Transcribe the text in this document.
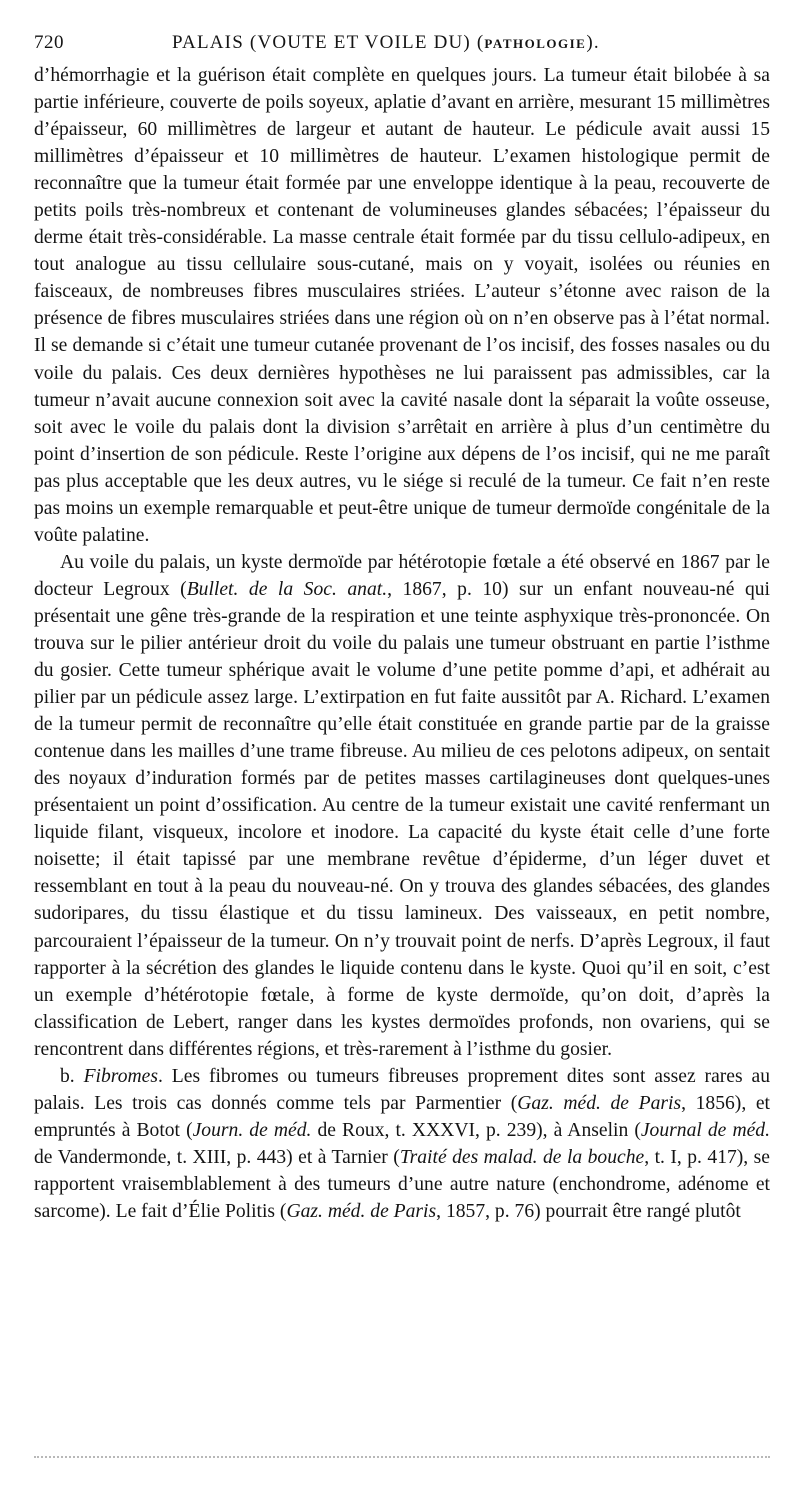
720	PALAIS (VOUTE ET VOILE DU) (PATHOLOGIE).

d’hémorrhagie et la guérison était complète en quelques jours. La tumeur était bilobée à sa partie inférieure, couverte de poils soyeux, aplatie d’avant en arrière, mesurant 15 millimètres d’épaisseur, 60 millimètres de largeur et autant de hauteur. Le pédicule avait aussi 15 millimètres d’épaisseur et 10 millimètres de hauteur. L’examen histologique permit de reconnaître que la tumeur était formée par une enveloppe identique à la peau, recouverte de petits poils très-nombreux et contenant de volumineuses glandes sébacées; l’épaisseur du derme était très-considérable. La masse centrale était formée par du tissu cellulo-adipeux, en tout analogue au tissu cellulaire sous-cutané, mais on y voyait, isolées ou réunies en faisceaux, de nombreuses fibres musculaires striées. L’auteur s’étonne avec raison de la présence de fibres musculaires striées dans une région où on n’en observe pas à l’état normal. Il se demande si c’était une tumeur cutanée provenant de l’os incisif, des fosses nasales ou du voile du palais. Ces deux dernières hypothèses ne lui paraissent pas admissibles, car la tumeur n’avait aucune connexion soit avec la cavité nasale dont la séparait la voûte osseuse, soit avec le voile du palais dont la division s’arrêtait en arrière à plus d’un centimètre du point d’insertion de son pédicule. Reste l’origine aux dépens de l’os incisif, qui ne me paraît pas plus acceptable que les deux autres, vu le siége si reculé de la tumeur. Ce fait n’en reste pas moins un exemple remarquable et peut-être unique de tumeur dermoïde congénitale de la voûte palatine.

Au voile du palais, un kyste dermoïde par hétérotopie fœtale a été observé en 1867 par le docteur Legroux (Bullet. de la Soc. anat., 1867, p. 10) sur un enfant nouveau-né qui présentait une gêne très-grande de la respiration et une teinte asphyxique très-prononcée. On trouva sur le pilier antérieur droit du voile du palais une tumeur obstruant en partie l’isthme du gosier. Cette tumeur sphérique avait le volume d’une petite pomme d’api, et adhérait au pilier par un pédicule assez large. L’extirpation en fut faite aussitôt par A. Richard. L’examen de la tumeur permit de reconnaître qu’elle était constituée en grande partie par de la graisse contenue dans les mailles d’une trame fibreuse. Au milieu de ces pelotons adipeux, on sentait des noyaux d’induration formés par de petites masses cartilagineuses dont quelques-unes présentaient un point d’ossification. Au centre de la tumeur existait une cavité renfermant un liquide filant, visqueux, incolore et inodore. La capacité du kyste était celle d’une forte noisette; il était tapissé par une membrane revêtue d’épiderme, d’un léger duvet et ressemblant en tout à la peau du nouveau-né. On y trouva des glandes sébacées, des glandes sudoripares, du tissu élastique et du tissu lamineux. Des vaisseaux, en petit nombre, parcouraient l’épaisseur de la tumeur. On n’y trouvait point de nerfs. D’après Legroux, il faut rapporter à la sécrétion des glandes le liquide contenu dans le kyste. Quoi qu’il en soit, c’est un exemple d’hétérotopie fœtale, à forme de kyste dermoïde, qu’on doit, d’après la classification de Lebert, ranger dans les kystes dermoïdes profonds, non ovariens, qui se rencontrent dans différentes régions, et très-rarement à l’isthme du gosier.

b. Fibromes. Les fibromes ou tumeurs fibreuses proprement dites sont assez rares au palais. Les trois cas donnés comme tels par Parmentier (Gaz. méd. de Paris, 1856), et empruntés à Botot (Journ. de méd. de Roux, t. XXXVI, p. 239), à Anselin (Journal de méd. de Vandermonde, t. XIII, p. 443) et à Tarnier (Traité des malad. de la bouche, t. I, p. 417), se rapportent vraisemblablement à des tumeurs d’une autre nature (enchondrome, adénome et sarcome). Le fait d’Élie Politis (Gaz. méd. de Paris, 1857, p. 76) pourrait être rangé plutôt
